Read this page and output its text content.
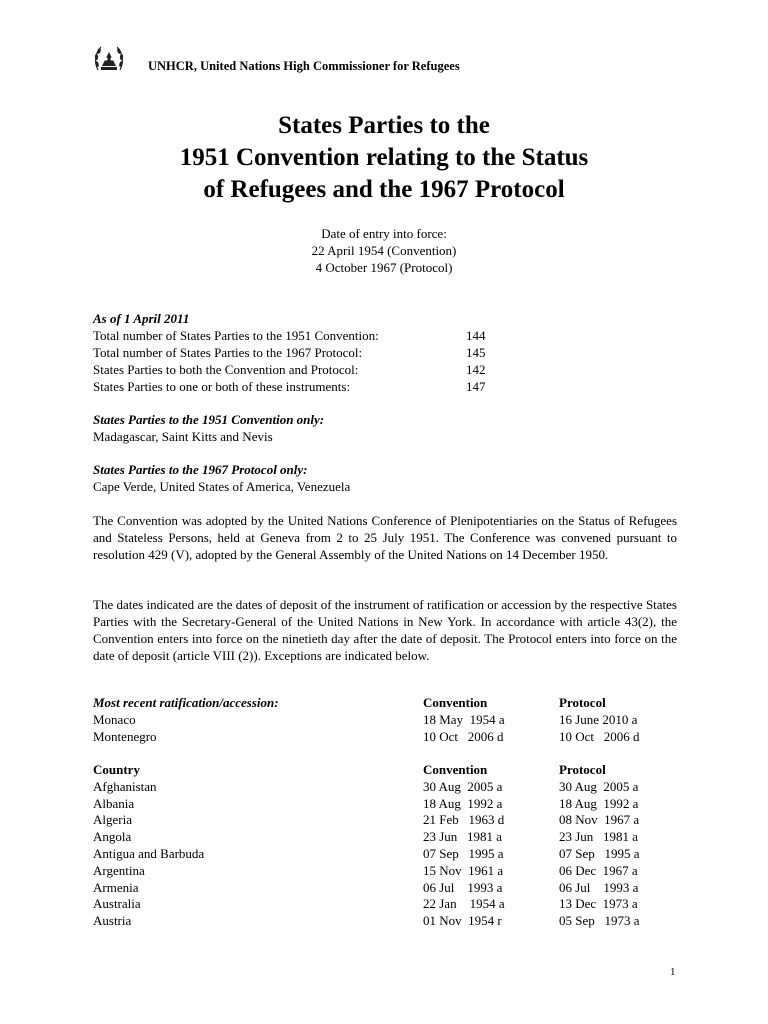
UNHCR, United Nations High Commissioner for Refugees
States Parties to the
1951 Convention relating to the Status
of Refugees and the 1967 Protocol
Date of entry into force:
22 April 1954 (Convention)
4 October 1967 (Protocol)
As of 1 April 2011
Total number of States Parties to the 1951 Convention:	144
Total number of States Parties to the 1967 Protocol:	145
States Parties to both the Convention and Protocol:	142
States Parties to one or both of these instruments:	147
States Parties to the 1951 Convention only:
Madagascar, Saint Kitts and Nevis
States Parties to the 1967 Protocol only:
Cape Verde, United States of America, Venezuela
The Convention was adopted by the United Nations Conference of Plenipotentiaries on the Status of Refugees and Stateless Persons, held at Geneva from 2 to 25 July 1951. The Conference was convened pursuant to resolution 429 (V), adopted by the General Assembly of the United Nations on 14 December 1950.
The dates indicated are the dates of deposit of the instrument of ratification or accession by the respective States Parties with the Secretary-General of the United Nations in New York. In accordance with article 43(2), the Convention enters into force on the ninetieth day after the date of deposit. The Protocol enters into force on the date of deposit (article VIII (2)). Exceptions are indicated below.
Most recent ratification/accession:	Convention	Protocol
Monaco	18 May  1954 a	16 June 2010 a
Montenegro	10 Oct   2006 d	10 Oct   2006 d
Country	Convention	Protocol
Afghanistan	30 Aug  2005 a	30 Aug  2005 a
Albania	18 Aug  1992 a	18 Aug  1992 a
Algeria	21 Feb   1963 d	08 Nov  1967 a
Angola	23 Jun   1981 a	23 Jun   1981 a
Antigua and Barbuda	07 Sep   1995 a	07 Sep   1995 a
Argentina	15 Nov  1961 a	06 Dec  1967 a
Armenia	06 Jul    1993 a	06 Jul    1993 a
Australia	22 Jan    1954 a	13 Dec  1973 a
Austria	01 Nov  1954 r	05 Sep   1973 a
1
